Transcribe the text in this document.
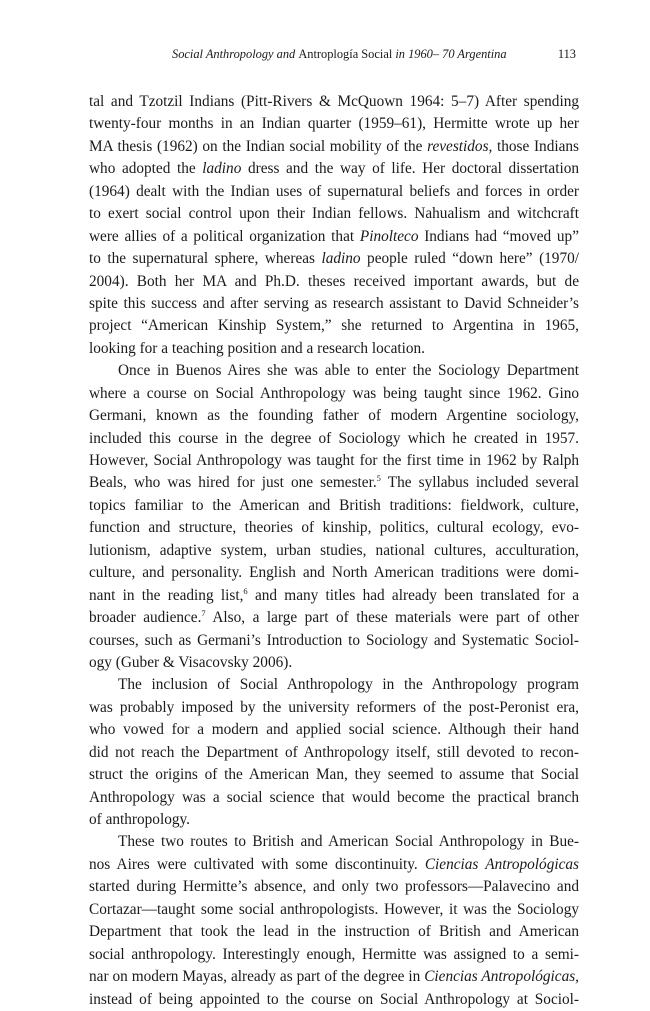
Social Anthropology and Antroplogía Social in 1960– 70 Argentina	113
tal and Tzotzil Indians (Pitt-Rivers & McQuown 1964: 5–7) After spending
twenty-four months in an Indian quarter (1959–61), Hermitte wrote up her
MA thesis (1962) on the Indian social mobility of the revestidos, those Indians
who adopted the ladino dress and the way of life. Her doctoral dissertation
(1964) dealt with the Indian uses of supernatural beliefs and forces in order
to exert social control upon their Indian fellows. Nahualism and witchcraft
were allies of a political organization that Pinolteco Indians had “moved up”
to the supernatural sphere, whereas ladino people ruled “down here” (1970/
2004). Both her MA and Ph.D. theses received important awards, but de
spite this success and after serving as research assistant to David Schneider’s
project “American Kinship System,” she returned to Argentina in 1965,
looking for a teaching position and a research location.
Once in Buenos Aires she was able to enter the Sociology Department
where a course on Social Anthropology was being taught since 1962. Gino
Germani, known as the founding father of modern Argentine sociology,
included this course in the degree of Sociology which he created in 1957.
However, Social Anthropology was taught for the first time in 1962 by Ralph
Beals, who was hired for just one semester.$^5$ The syllabus included several
topics familiar to the American and British traditions: fieldwork, culture,
function and structure, theories of kinship, politics, cultural ecology, evo-
lutionism, adaptive system, urban studies, national cultures, acculturation,
culture, and personality. English and North American traditions were domi-
nant in the reading list,$^6$ and many titles had already been translated for a
broader audience.$^7$ Also, a large part of these materials were part of other
courses, such as Germani’s Introduction to Sociology and Systematic Sociol-
ogy (Guber & Visacovsky 2006).
The inclusion of Social Anthropology in the Anthropology program
was probably imposed by the university reformers of the post-Peronist era,
who vowed for a modern and applied social science. Although their hand
did not reach the Department of Anthropology itself, still devoted to recon-
struct the origins of the American Man, they seemed to assume that Social
Anthropology was a social science that would become the practical branch
of anthropology.
These two routes to British and American Social Anthropology in Bue-
nos Aires were cultivated with some discontinuity. Ciencias Antropológicas
started during Hermitte’s absence, and only two professors—Palavecino and
Cortazar—taught some social anthropologists. However, it was the Sociology
Department that took the lead in the instruction of British and American
social anthropology. Interestingly enough, Hermitte was assigned to a semi-
nar on modern Mayas, already as part of the degree in Ciencias Antropológicas,
instead of being appointed to the course on Social Anthropology at Sociol-
